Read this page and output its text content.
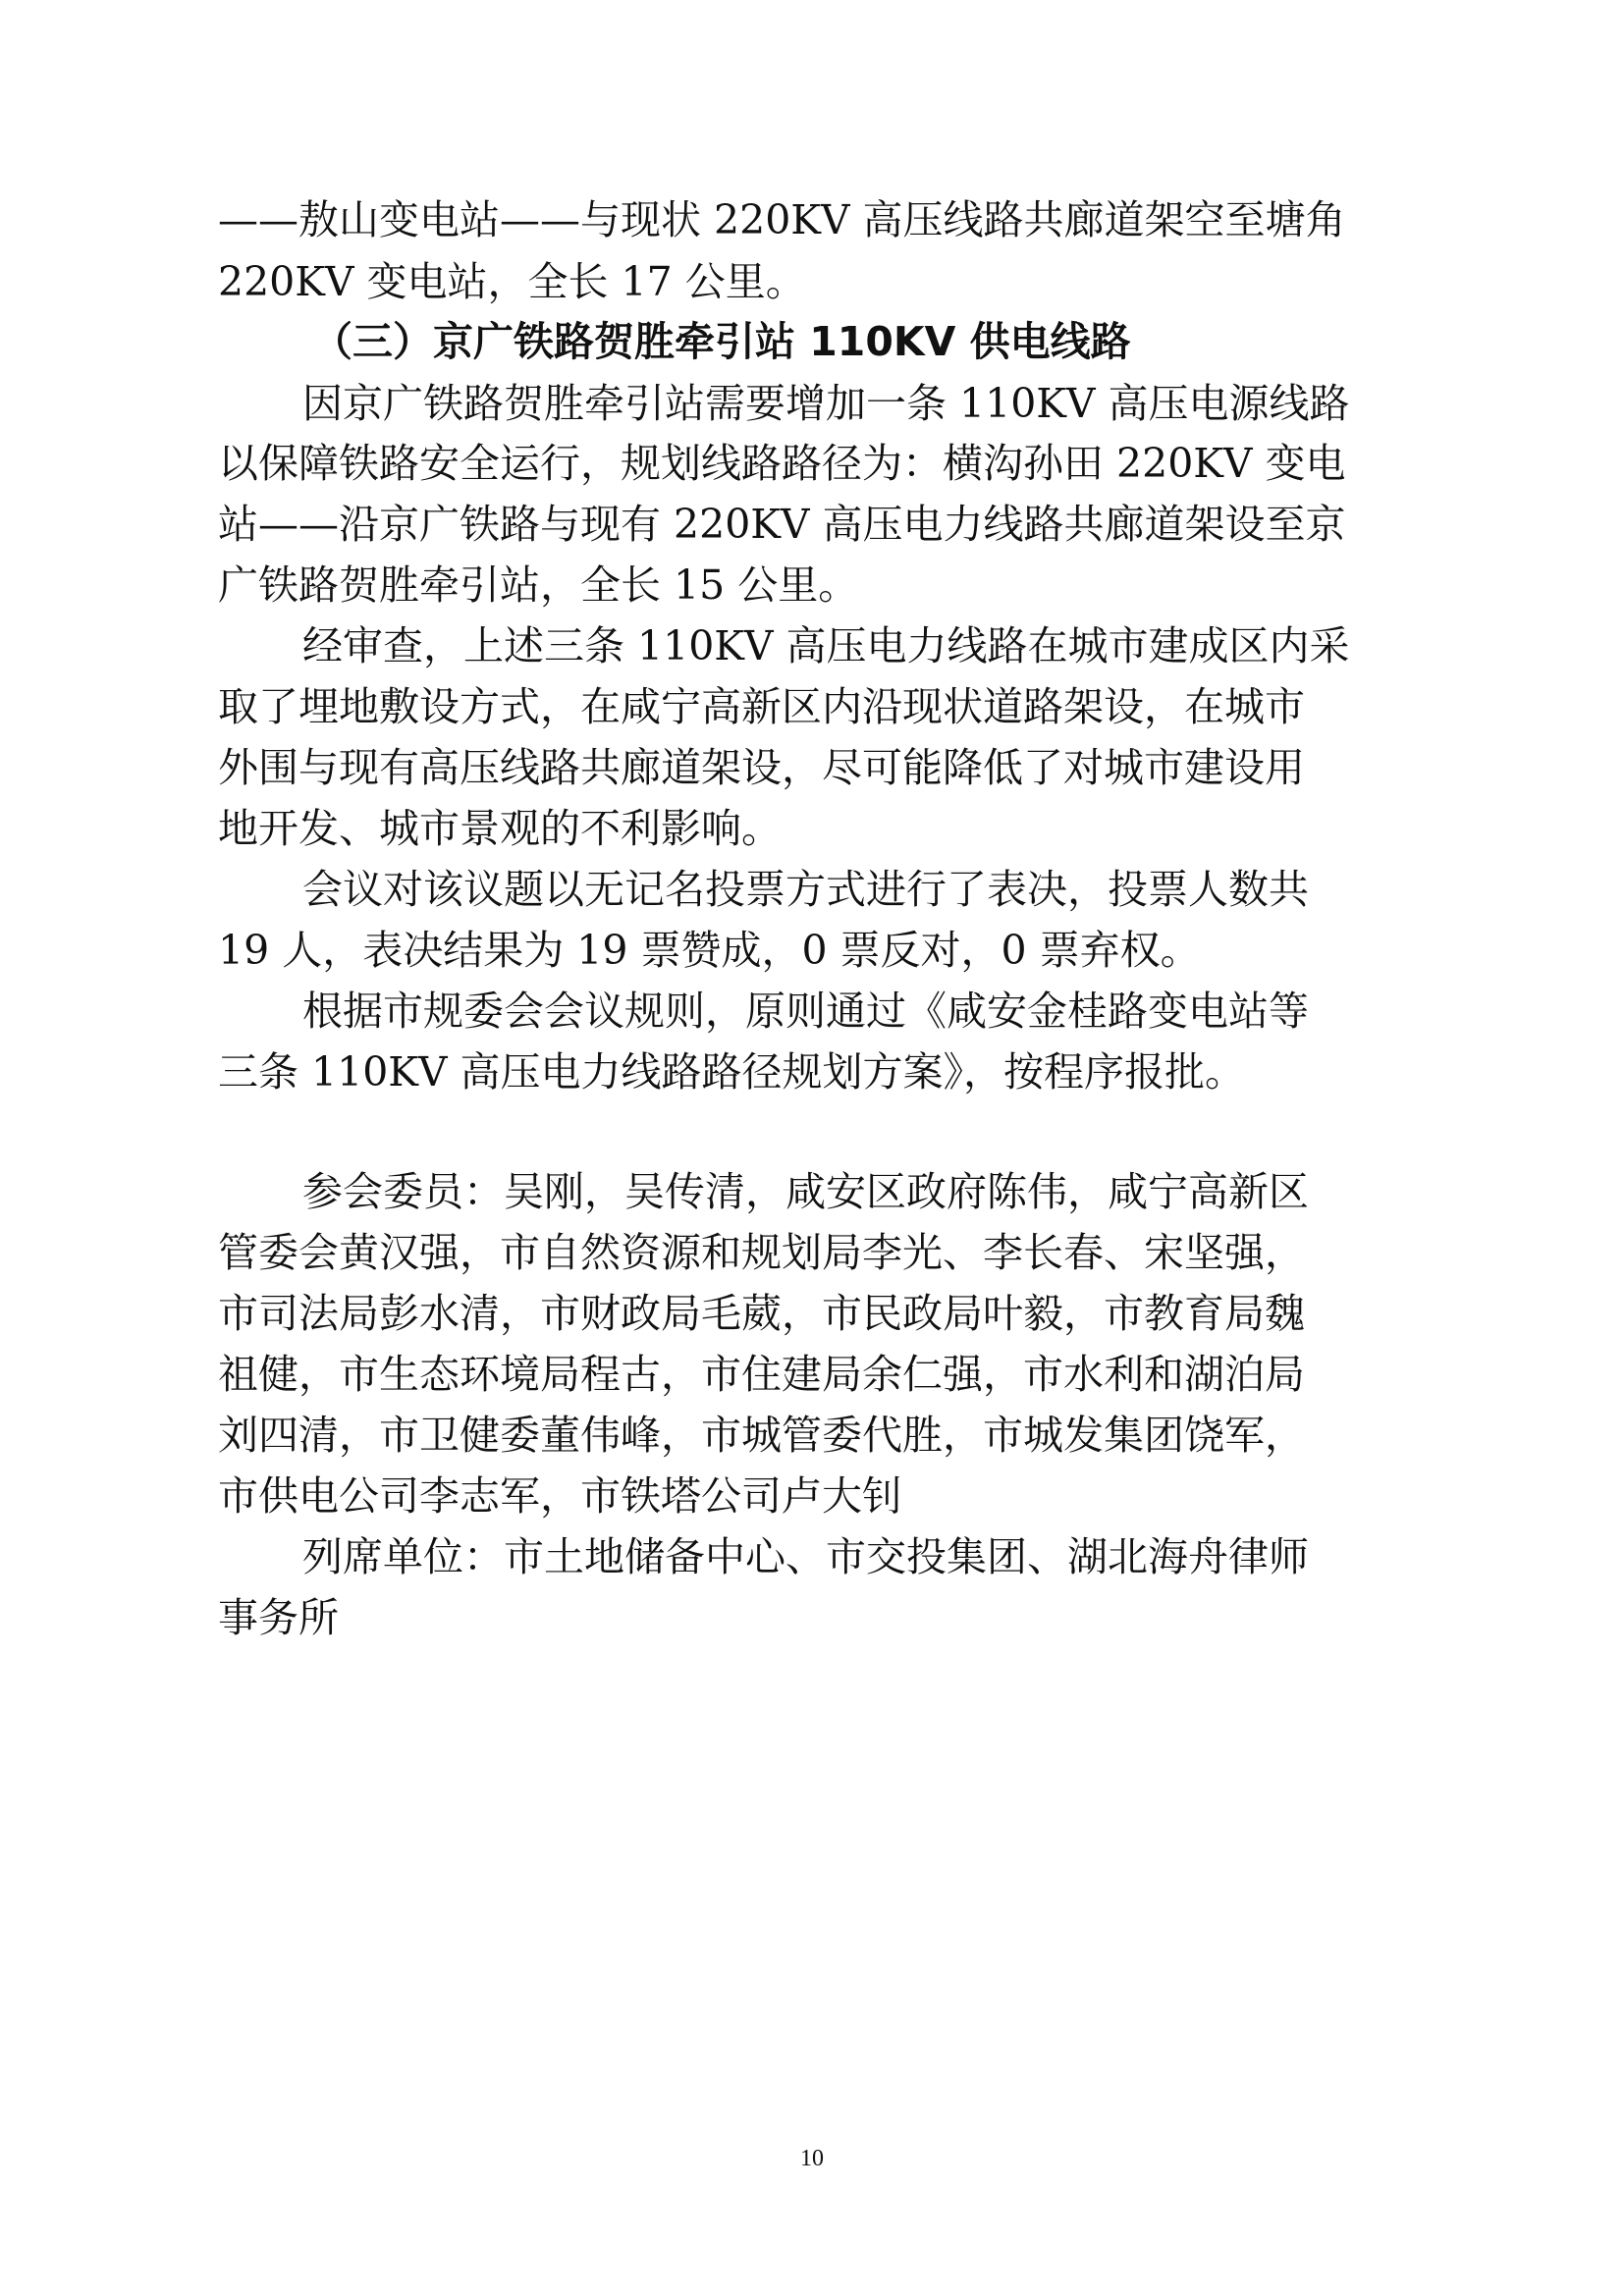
——敖山变电站——与现状 220KV 高压线路共廊道架空至塘角
220KV 变电站，全长 17 公里。
（三）京广铁路贺胜牵引站 110KV 供电线路
因京广铁路贺胜牵引站需要增加一条 110KV 高压电源线路
以保障铁路安全运行，规划线路路径为：横沟孙田 220KV 变电
站——沿京广铁路与现有 220KV 高压电力线路共廊道架设至京
广铁路贺胜牵引站，全长 15 公里。
经审查，上述三条 110KV 高压电力线路在城市建成区内采
取了埋地敷设方式，在咸宁高新区内沿现状道路架设，在城市
外围与现有高压线路共廊道架设，尽可能降低了对城市建设用
地开发、城市景观的不利影响。
会议对该议题以无记名投票方式进行了表决，投票人数共
19 人，表决结果为 19 票赞成，0 票反对，0 票弃权。
根据市规委会会议规则，原则通过《咸安金桂路变电站等
三条 110KV 高压电力线路路径规划方案》，按程序报批。
参会委员：吴刚，吴传清，咸安区政府陈伟，咸宁高新区
管委会黄汉强，市自然资源和规划局李光、李长春、宋坚强，
市司法局彭水清，市财政局毛葳，市民政局叶毅，市教育局魏
祖健，市生态环境局程古，市住建局余仁强，市水利和湖泊局
刘四清，市卫健委董伟峰，市城管委代胜，市城发集团饶军，
市供电公司李志军，市铁塔公司卢大钊
列席单位：市土地储备中心、市交投集团、湖北海舟律师
事务所
10
